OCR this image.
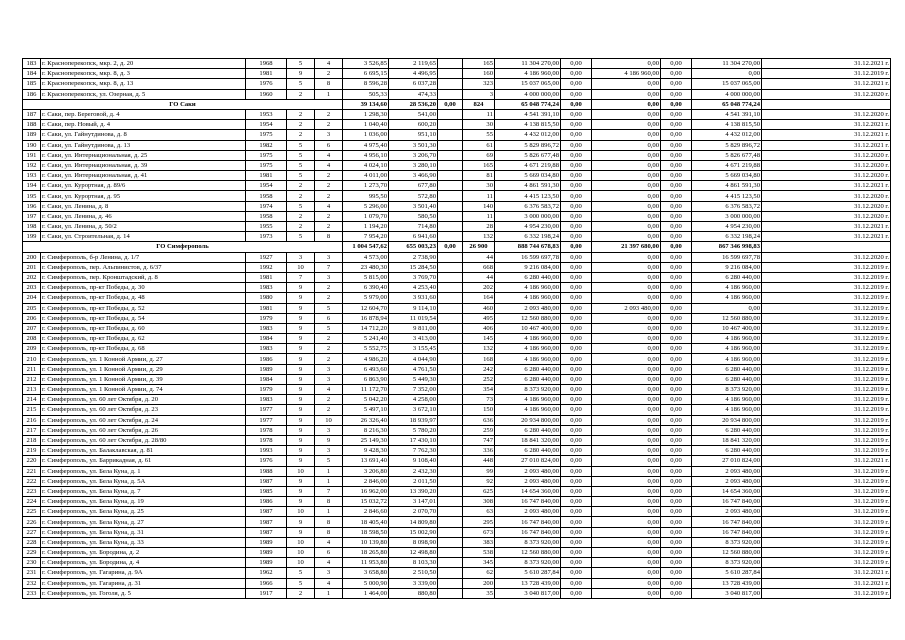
183	г. Красноперекопск, мкр. 2, д. 20	1968	5	4	3 526,85	2 119,65		165	11 304 270,00	0,00	0,00	0,00	11 304 270,00	31.12.2021 г.
184	г. Красноперекопск, мкр. 8, д. 3	1981	9	2	6 695,15	4 496,95		160	4 186 960,00	0,00	4 186 960,00	0,00	0,00	31.12.2019 г.
185	г. Красноперекопск, мкр. 8, д. 13	1976	5	8	8 596,28	6 037,28		323	15 037 065,00	0,00	0,00	0,00	15 037 065,00	31.12.2021 г.
186	г. Красноперекопск, ул. Озерная, д. 5	1960	2	1	505,33	474,33		3	4 000 000,00	0,00	0,00	0,00	4 000 000,00	31.12.2020 г.
ГО Саки					39 134,60	28 536,20	0,00	824	65 048 774,24	0,00	0,00	0,00	65 048 774,24	
187	г. Саки, пер. Береговой, д. 4	1953	2	2	1 298,30	541,00		11	4 541 391,10	0,00	0,00	0,00	4 541 391,10	31.12.2020 г.
188	г. Саки, пер. Новый, д. 4	1954	2	2	1 040,40	600,20		30	4 138 815,50	0,00	0,00	0,00	4 138 815,50	31.12.2021 г.
189	г. Саки, ул. Гайнутдинова, д. 8	1975	2	3	1 036,00	951,10		55	4 432 012,00	0,00	0,00	0,00	4 432 012,00	31.12.2021 г.
190	г. Саки, ул. Гайнутдинова, д. 13	1982	5	6	4 975,40	3 501,30		61	5 829 896,72	0,00	0,00	0,00	5 829 896,72	31.12.2021 г.
191	г. Саки, ул. Интернациональная, д. 25	1975	5	4	4 956,10	3 206,70		69	5 826 677,48	0,00	0,00	0,00	5 826 677,48	31.12.2020 г.
192	г. Саки, ул. Интернациональная, д. 39	1975	5	4	4 024,10	3 280,10		165	4 671 219,88	0,00	0,00	0,00	4 671 219,88	31.12.2020 г.
193	г. Саки, ул. Интернациональная, д. 41	1981	5	2	4 011,00	3 466,90		81	5 669 034,80	0,00	0,00	0,00	5 669 034,80	31.12.2020 г.
194	г. Саки, ул. Курортная, д. 89/6	1954	2	2	1 273,70	677,80		30	4 861 591,30	0,00	0,00	0,00	4 861 591,30	31.12.2021 г.
195	г. Саки, ул. Курортная, д. 95	1958	2	2	995,50	572,80		11	4 415 123,50	0,00	0,00	0,00	4 415 123,50	31.12.2020 г.
196	г. Саки, ул. Ленина, д. 8	1974	5	4	5 296,00	3 501,40		140	6 376 583,72	0,00	0,00	0,00	6 376 583,72	31.12.2020 г.
197	г. Саки, ул. Ленина, д. 46	1958	2	2	1 079,70	580,50		11	3 000 000,00	0,00	0,00	0,00	3 000 000,00	31.12.2020 г.
198	г. Саки, ул. Ленина, д. 50/2	1955	2	2	1 194,20	714,80		28	4 954 230,00	0,00	0,00	0,00	4 954 230,00	31.12.2021 г.
199	г. Саки, ул. Строительная, д. 14	1973	5	8	7 954,20	6 941,60		132	6 332 198,24	0,00	0,00	0,00	6 332 198,24	31.12.2021 г.
ГО Симферополь					1 004 547,62	655 003,23	0,00	26 900	888 744 678,83	0,00	21 397 680,00	0,00	867 346 998,83	
200	г. Симферополь, б-р Ленина, д. 1/7	1927	3	3	4 573,00	2 738,90		44	16 599 697,78	0,00	0,00	0,00	16 599 697,78	31.12.2020 г.
201	г. Симферополь, пер. Альпинистов, д. 6/37	1992	10	7	23 480,30	15 284,50		668	9 216 084,00	0,00	0,00	0,00	9 216 084,00	31.12.2019 г.
202	г. Симферополь, пер. Кронштадский, д. 8	1981	7	3	5 815,00	3 769,70		44	6 280 440,00	0,00	0,00	0,00	6 280 440,00	31.12.2019 г.
203	г. Симферополь, пр-кт Победы, д. 30	1983	9	2	6 390,40	4 253,40		202	4 186 960,00	0,00	0,00	0,00	4 186 960,00	31.12.2019 г.
204	г. Симферополь, пр-кт Победы, д. 48	1980	9	2	5 979,00	3 931,60		164	4 186 960,00	0,00	0,00	0,00	4 186 960,00	31.12.2019 г.
205	г. Симферополь, пр-кт Победы, д. 52	1981	9	5	12 604,70	9 114,10		460	2 093 480,00	0,00	2 093 480,00	0,00	0,00	31.12.2019 г.
206	г. Симферополь, пр-кт Победы, д. 54	1979	9	6	16 878,94	11 019,54		495	12 560 880,00	0,00	0,00	0,00	12 560 880,00	31.12.2019 г.
207	г. Симферополь, пр-кт Победы, д. 60	1983	9	5	14 712,20	9 811,00		406	10 467 400,00	0,00	0,00	0,00	10 467 400,00	31.12.2019 г.
208	г. Симферополь, пр-кт Победы, д. 62	1984	9	2	5 241,40	3 413,00		145	4 186 960,00	0,00	0,00	0,00	4 186 960,00	31.12.2019 г.
209	г. Симферополь, пр-кт Победы, д. 68	1983	9	2	5 552,75	3 155,45		132	4 186 960,00	0,00	0,00	0,00	4 186 960,00	31.12.2019 г.
210	г. Симферополь, ул. 1 Конной Армии, д. 27	1986	9	2	4 986,20	4 044,90		168	4 186 960,00	0,00	0,00	0,00	4 186 960,00	31.12.2019 г.
211	г. Симферополь, ул. 1 Конной Армии, д. 29	1989	9	3	6 493,60	4 761,50		242	6 280 440,00	0,00	0,00	0,00	6 280 440,00	31.12.2019 г.
212	г. Симферополь, ул. 1 Конной Армии, д. 39	1984	9	3	6 863,90	5 449,30		252	6 280 440,00	0,00	0,00	0,00	6 280 440,00	31.12.2019 г.
213	г. Симферополь, ул. 1 Конной Армии, д. 74	1979	9	4	11 172,70	7 352,00		354	8 373 920,00	0,00	0,00	0,00	8 373 920,00	31.12.2019 г.
214	г. Симферополь, ул. 60 лет Октября, д. 20	1983	9	2	5 042,20	4 258,00		73	4 186 960,00	0,00	0,00	0,00	4 186 960,00	31.12.2019 г.
215	г. Симферополь, ул. 60 лет Октября, д. 23	1977	9	2	5 497,10	3 672,10		150	4 186 960,00	0,00	0,00	0,00	4 186 960,00	31.12.2019 г.
216	г. Симферополь, ул. 60 лет Октября, д. 24	1977	9	10	26 326,40	18 939,97		636	20 934 800,00	0,00	0,00	0,00	20 934 800,00	31.12.2019 г.
217	г. Симферополь, ул. 60 лет Октября, д. 26	1978	9	3	8 216,30	5 780,20		259	6 280 440,00	0,00	0,00	0,00	6 280 440,00	31.12.2019 г.
218	г. Симферополь, ул. 60 лет Октября, д. 28/80	1978	9	9	25 149,30	17 430,10		747	18 841 320,00	0,00	0,00	0,00	18 841 320,00	31.12.2019 г.
219	г. Симферополь, ул. Балаклавская, д. 81	1993	9	3	9 428,30	7 762,30		336	6 280 440,00	0,00	0,00	0,00	6 280 440,00	31.12.2019 г.
220	г. Симферополь, ул. Баррикадная, д. 61	1976	9	5	13 691,40	9 108,40		448	27 010 824,00	0,00	0,00	0,00	27 010 824,00	31.12.2021 г.
221	г. Симферополь, ул. Бела Куна, д. 1	1988	10	1	3 206,80	2 432,30		99	2 093 480,00	0,00	0,00	0,00	2 093 480,00	31.12.2019 г.
222	г. Симферополь, ул. Бела Куна, д. 5А	1987	9	1	2 846,00	2 011,50		92	2 093 480,00	0,00	0,00	0,00	2 093 480,00	31.12.2019 г.
223	г. Симферополь, ул. Бела Куна, д. 7	1985	9	7	16 962,00	13 390,20		625	14 654 360,00	0,00	0,00	0,00	14 654 360,00	31.12.2019 г.
224	г. Симферополь, ул. Бела Куна, д. 19	1986	9	8	15 032,72	3 147,01		308	16 747 840,00	0,00	0,00	0,00	16 747 840,00	31.12.2019 г.
225	г. Симферополь, ул. Бела Куна, д. 25	1987	10	1	2 846,60	2 070,70		63	2 093 480,00	0,00	0,00	0,00	2 093 480,00	31.12.2019 г.
226	г. Симферополь, ул. Бела Куна, д. 27	1987	9	8	18 405,40	14 809,80		295	16 747 840,00	0,00	0,00	0,00	16 747 840,00	31.12.2019 г.
227	г. Симферополь, ул. Бела Куна, д. 31	1987	9	8	18 598,50	15 002,90		673	16 747 840,00	0,00	0,00	0,00	16 747 840,00	31.12.2019 г.
228	г. Симферополь, ул. Бела Куна, д. 33	1989	10	4	10 139,80	8 098,90		383	8 373 920,00	0,00	0,00	0,00	8 373 920,00	31.12.2019 г.
229	г. Симферополь, ул. Бородина, д. 2	1989	10	6	18 265,80	12 498,80		538	12 560 880,00	0,00	0,00	0,00	12 560 880,00	31.12.2019 г.
230	г. Симферополь, ул. Бородина, д. 4	1989	10	4	11 953,80	8 103,30		345	8 373 920,00	0,00	0,00	0,00	8 373 920,00	31.12.2019 г.
231	г. Симферополь, ул. Гагарина, д. 9А	1962	5	3	3 658,80	2 510,50		62	5 610 287,84	0,00	0,00	0,00	5 610 287,84	31.12.2021 г.
232	г. Симферополь, ул. Гагарина, д. 31	1966	5	4	5 000,90	3 339,00		200	13 728 439,00	0,00	0,00	0,00	13 728 439,00	31.12.2021 г.
233	г. Симферополь, ул. Гоголя, д. 5	1917	2	1	1 464,00	880,80		35	3 040 817,00	0,00	0,00	0,00	3 040 817,00	31.12.2019 г.
